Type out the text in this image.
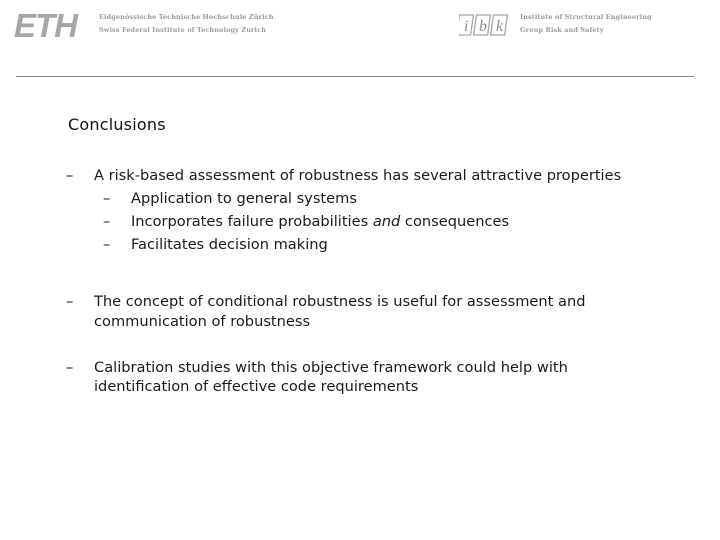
ETH	Eidgenössische Technische Hochschule Zürich
Swiss Federal Institute of Technology Zurich	i b k
Institute of Structural Engineering
Group Risk and Safety
Conclusions
– A risk-based assessment of robustness has several attractive properties
– Application to general systems
– Incorporates failure probabilities and consequences
– Facilitates decision making
– The concept of conditional robustness is useful for assessment and
communication of robustness
– Calibration studies with this objective framework could help with
identification of effective code requirements
